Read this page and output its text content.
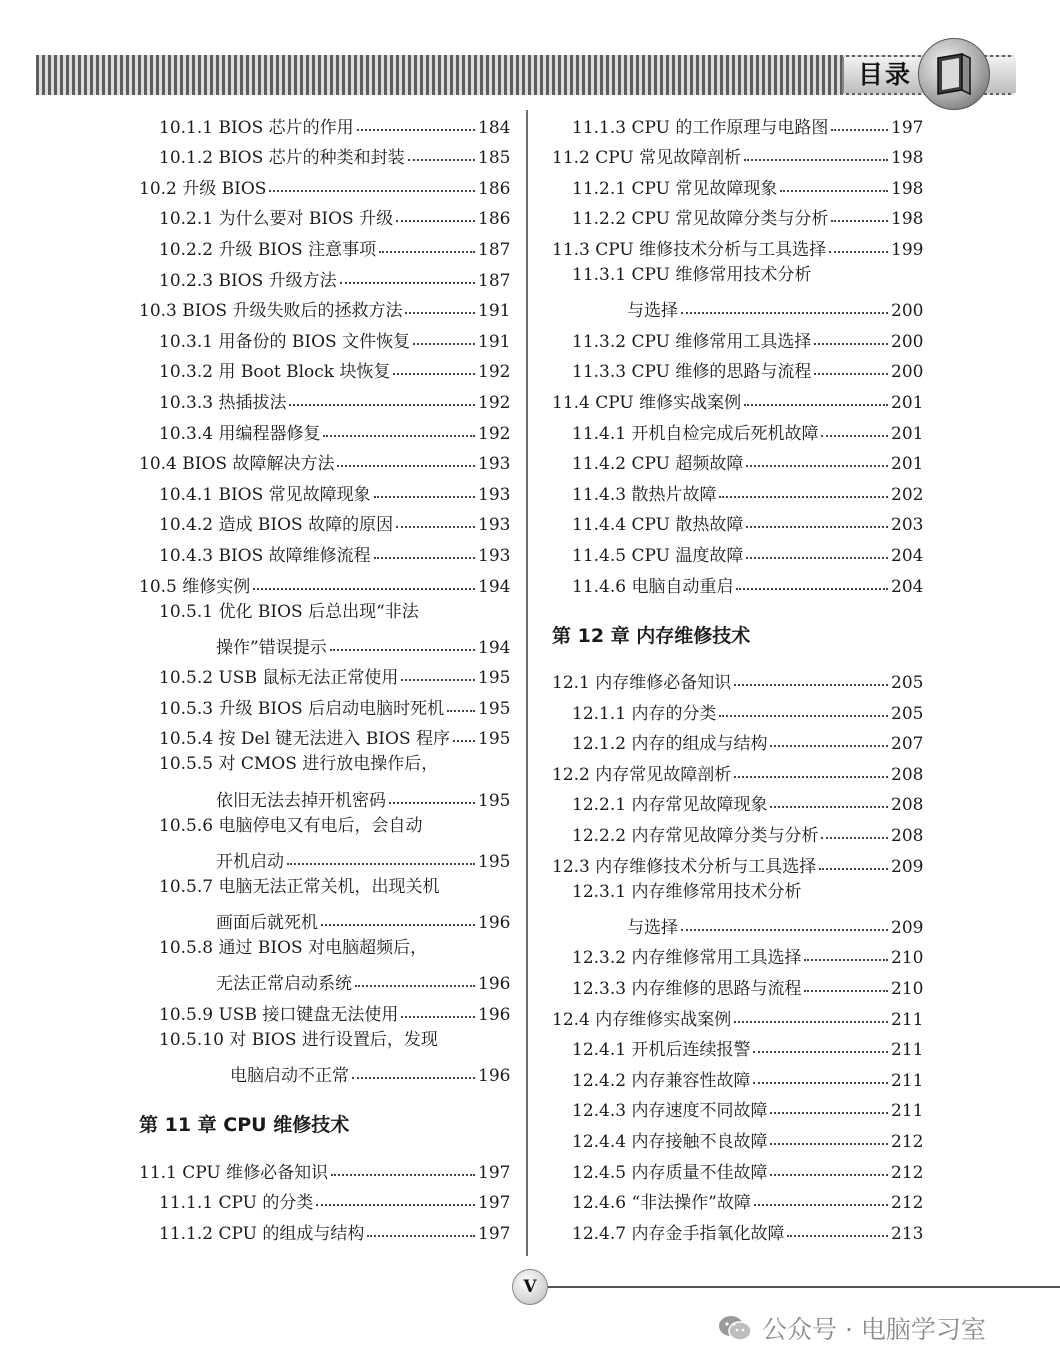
目录
10.1.1 BIOS 芯片的作用	184
10.1.2 BIOS 芯片的种类和封装	185
10.2 升级 BIOS	186
10.2.1 为什么要对 BIOS 升级	186
10.2.2 升级 BIOS 注意事项	187
10.2.3 BIOS 升级方法	187
10.3 BIOS 升级失败后的拯救方法	191
10.3.1 用备份的 BIOS 文件恢复	191
10.3.2 用 Boot Block 块恢复	192
10.3.3 热插拔法	192
10.3.4 用编程器修复	192
10.4 BIOS 故障解决方法	193
10.4.1 BIOS 常见故障现象	193
10.4.2 造成 BIOS 故障的原因	193
10.4.3 BIOS 故障维修流程	193
10.5 维修实例	194
10.5.1 优化 BIOS 后总出现“非法
操作”错误提示	194
10.5.2 USB 鼠标无法正常使用	195
10.5.3 升级 BIOS 后启动电脑时死机 195
10.5.4 按 Del 键无法进入 BIOS 程序 195
10.5.5 对 CMOS 进行放电操作后，
依旧无法去掉开机密码	195
10.5.6 电脑停电又有电后，会自动
开机启动	195
10.5.7 电脑无法正常关机，出现关机
画面后就死机	196
10.5.8 通过 BIOS 对电脑超频后，
无法正常启动系统	196
10.5.9 USB 接口键盘无法使用	196
10.5.10 对 BIOS 进行设置后，发现
电脑启动不正常	196
第 11 章 CPU 维修技术
11.1 CPU 维修必备知识	197
11.1.1 CPU 的分类	197
11.1.2 CPU 的组成与结构	197
11.1.3 CPU 的工作原理与电路图	197
11.2 CPU 常见故障剖析	198
11.2.1 CPU 常见故障现象	198
11.2.2 CPU 常见故障分类与分析	198
11.3 CPU 维修技术分析与工具选择	199
11.3.1 CPU 维修常用技术分析
与选择	200
11.3.2 CPU 维修常用工具选择	200
11.3.3 CPU 维修的思路与流程	200
11.4 CPU 维修实战案例	201
11.4.1 开机自检完成后死机故障	201
11.4.2 CPU 超频故障	201
11.4.3 散热片故障	202
11.4.4 CPU 散热故障	203
11.4.5 CPU 温度故障	204
11.4.6 电脑自动重启	204
第 12 章 内存维修技术
12.1 内存维修必备知识	205
12.1.1 内存的分类	205
12.1.2 内存的组成与结构	207
12.2 内存常见故障剖析	208
12.2.1 内存常见故障现象	208
12.2.2 内存常见故障分类与分析	208
12.3 内存维修技术分析与工具选择	209
12.3.1 内存维修常用技术分析
与选择	209
12.3.2 内存维修常用工具选择	210
12.3.3 内存维修的思路与流程	210
12.4 内存维修实战案例	211
12.4.1 开机后连续报警	211
12.4.2 内存兼容性故障	211
12.4.3 内存速度不同故障	211
12.4.4 内存接触不良故障	212
12.4.5 内存质量不佳故障	212
12.4.6 “非法操作”故障	212
12.4.7 内存金手指氧化故障	213
V
公众号 · 电脑学习室
